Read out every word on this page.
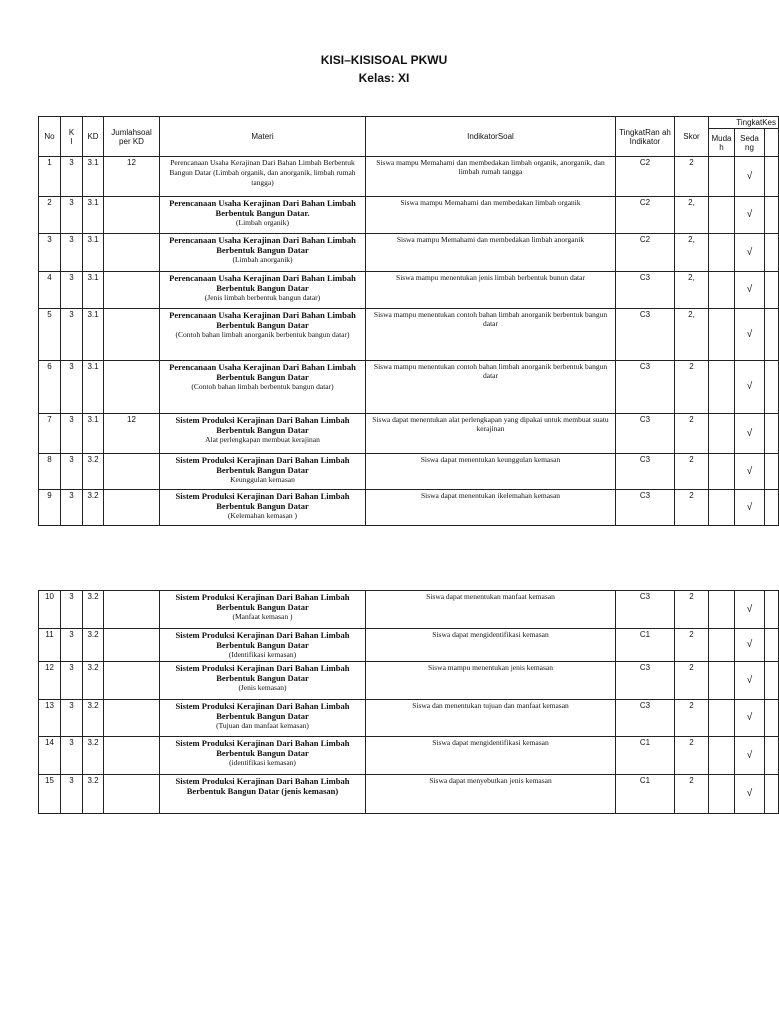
KISI–KISISOAL PKWU
Kelas: XI
No	K
I	KD	Jumlahsoal per KD	Materi	IndikatorSoal	TingkatRan ah Indikator	Skor	TingkatKes		
								Muda h	Seda ng	
1	3	3.1	12	Perencanaan Usaha Kerajinan Dari Bahan Limbah Berbentuk Bangun Datar (Limbah organik, dan anorganik, limbah rumah tangga)	Siswa mampu Memahami dan membedakan limbah organik, anorganik, dan limbah rumah tangga	C2	2		√	
2	3	3.1		Perencanaan Usaha Kerajinan Dari Bahan Limbah Berbentuk Bangun Datar.
(Limbah organik)	Siswa mampu Memahami dan membedakan limbah organik	C2	2,		√	
3	3	3.1		Perencanaan Usaha Kerajinan Dari Bahan Limbah Berbentuk Bangun Datar
(Limbah anorganik)	Siswa mampu Memahami dan membedakan limbah anorganik	C2	2,		√	
4	3	3.1		Perencanaan Usaha Kerajinan Dari Bahan Limbah Berbentuk Bangun Datar
(Jenis limbah berbentuk bangun datar)	Siswa mampu menentukan jenis limbah berbentuk bunun datar	C3	2,		√	
5	3	3.1		Perencanaan Usaha Kerajinan Dari Bahan Limbah Berbentuk Bangun Datar
(Contoh bahan limbah anorganik berbentuk bangun datar)	Siswa mampu menentukan contoh bahan limbah anorganik berbentuk bangun datar	C3	2,		√	
6	3	3.1		Perencanaan Usaha Kerajinan Dari Bahan Limbah Berbentuk Bangun Datar
(Contoh bahan limbah berbentuk bangun datar)	Siswa mampu menentukan contoh bahan limbah anorganik berbentuk bangun datar	C3	2		√	
7	3	3.1	12	Sistem Produksi Kerajinan Dari Bahan Limbah Berbentuk Bangun Datar
Alat perlengkapan membuat kerajinan	Siswa dapat menentukan alat perlengkapan yang dipakai untuk membuat suatu kerajinan	C3	2		√	
8	3	3.2		Sistem Produksi Kerajinan Dari Bahan Limbah Berbentuk Bangun Datar
Keunggulan kemasan	Siswa dapat menentukan keunggulan kemasan	C3	2		√	
9	3	3.2		Sistem Produksi Kerajinan Dari Bahan Limbah Berbentuk Bangun Datar
(Kelemahan kemasan )	Siswa dapat menentukan ikelemahan kemasan	C3	2		√	
10	3	3.2		Sistem Produksi Kerajinan Dari Bahan Limbah Berbentuk Bangun Datar
(Manfaat kemasan )	Siswa dapat menentukan manfaat kemasan	C3	2		√	
11	3	3.2		Sistem Produksi Kerajinan Dari Bahan Limbah Berbentuk Bangun Datar
(Identifikasi kemasan)	Siswa dapat mengidentifikasi kemasan	C1	2		√	
12	3	3.2		Sistem Produksi Kerajinan Dari Bahan Limbah Berbentuk Bangun Datar
(Jenis kemasan)	Siswa mampu menentukan jenis kemasan	C3	2		√	
13	3	3.2		Sistem Produksi Kerajinan Dari Bahan Limbah Berbentuk Bangun Datar
(Tujuan dan manfaat kemasan)	Siswa dan menentukan tujuan dan manfaat kemasan	C3	2		√	
14	3	3.2		Sistem Produksi Kerajinan Dari Bahan Limbah Berbentuk Bangun Datar
(identifikasi kemasan)	Siswa dapat mengidentifikasi kemasan	C1	2		√	
15	3	3.2		Sistem Produksi Kerajinan Dari Bahan Limbah Berbentuk Bangun Datar (jenis kemasan)	Siswa dapat menyebutkan jenis kemasan	C1	2		√	
